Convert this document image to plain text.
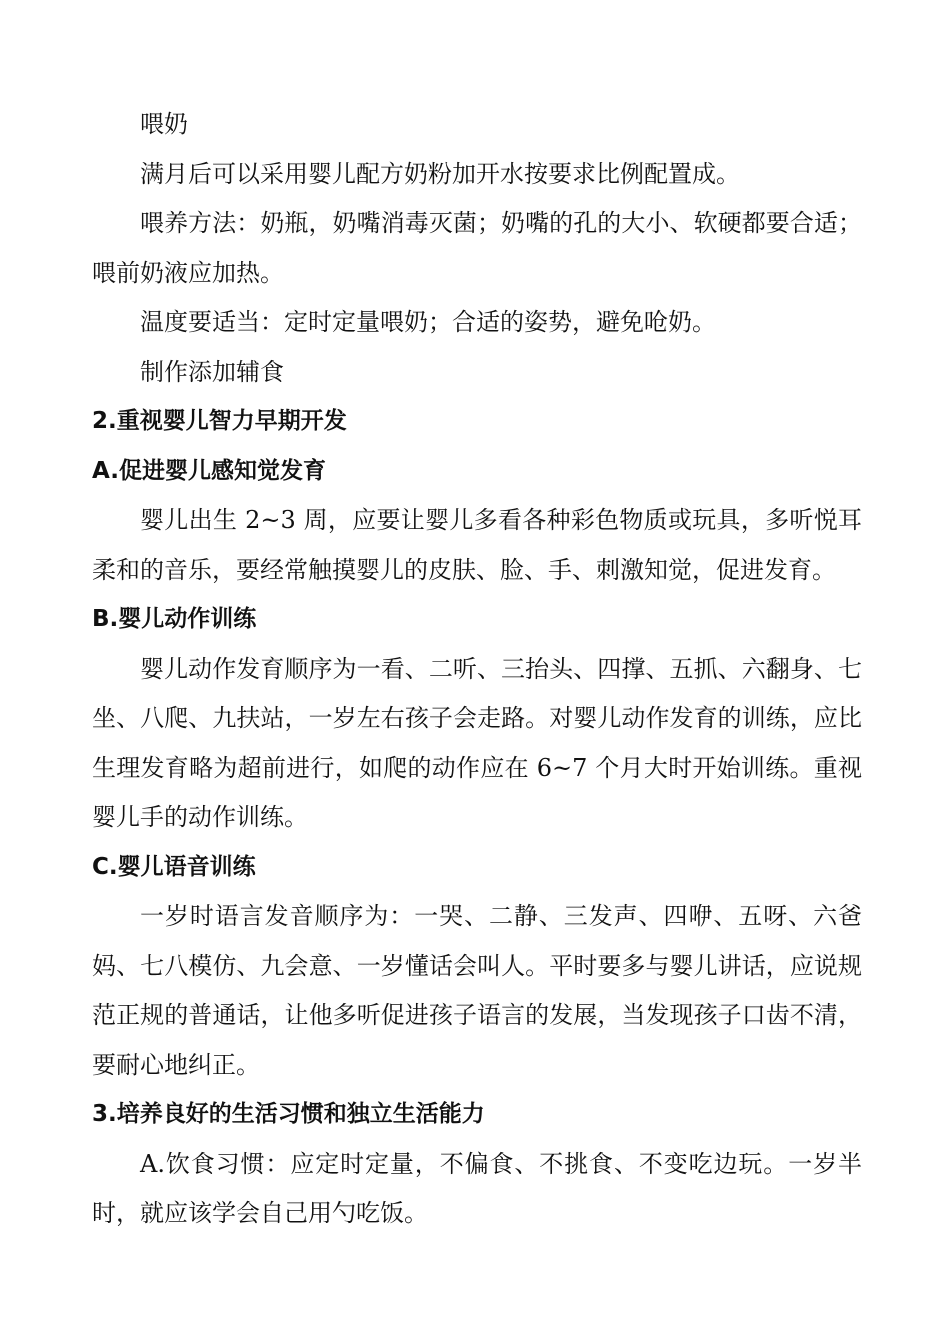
喂奶

满月后可以采用婴儿配方奶粉加开水按要求比例配置成。

喂养方法：奶瓶，奶嘴消毒灭菌；奶嘴的孔的大小、软硬都要合适；喂前奶液应加热。

温度要适当：定时定量喂奶；合适的姿势，避免呛奶。

制作添加辅食

2.重视婴儿智力早期开发

A.促进婴儿感知觉发育

婴儿出生 2~3 周，应要让婴儿多看各种彩色物质或玩具，多听悦耳柔和的音乐，要经常触摸婴儿的皮肤、脸、手、刺激知觉，促进发育。

B.婴儿动作训练

婴儿动作发育顺序为一看、二听、三抬头、四撑、五抓、六翻身、七坐、八爬、九扶站，一岁左右孩子会走路。对婴儿动作发育的训练，应比生理发育略为超前进行，如爬的动作应在 6~7 个月大时开始训练。重视婴儿手的动作训练。

C.婴儿语音训练

一岁时语言发音顺序为：一哭、二静、三发声、四咿、五呀、六爸妈、七八模仿、九会意、一岁懂话会叫人。平时要多与婴儿讲话，应说规范正规的普通话，让他多听促进孩子语言的发展，当发现孩子口齿不清，要耐心地纠正。

3.培养良好的生活习惯和独立生活能力

A.饮食习惯：应定时定量，不偏食、不挑食、不变吃边玩。一岁半时，就应该学会自己用勺吃饭。
